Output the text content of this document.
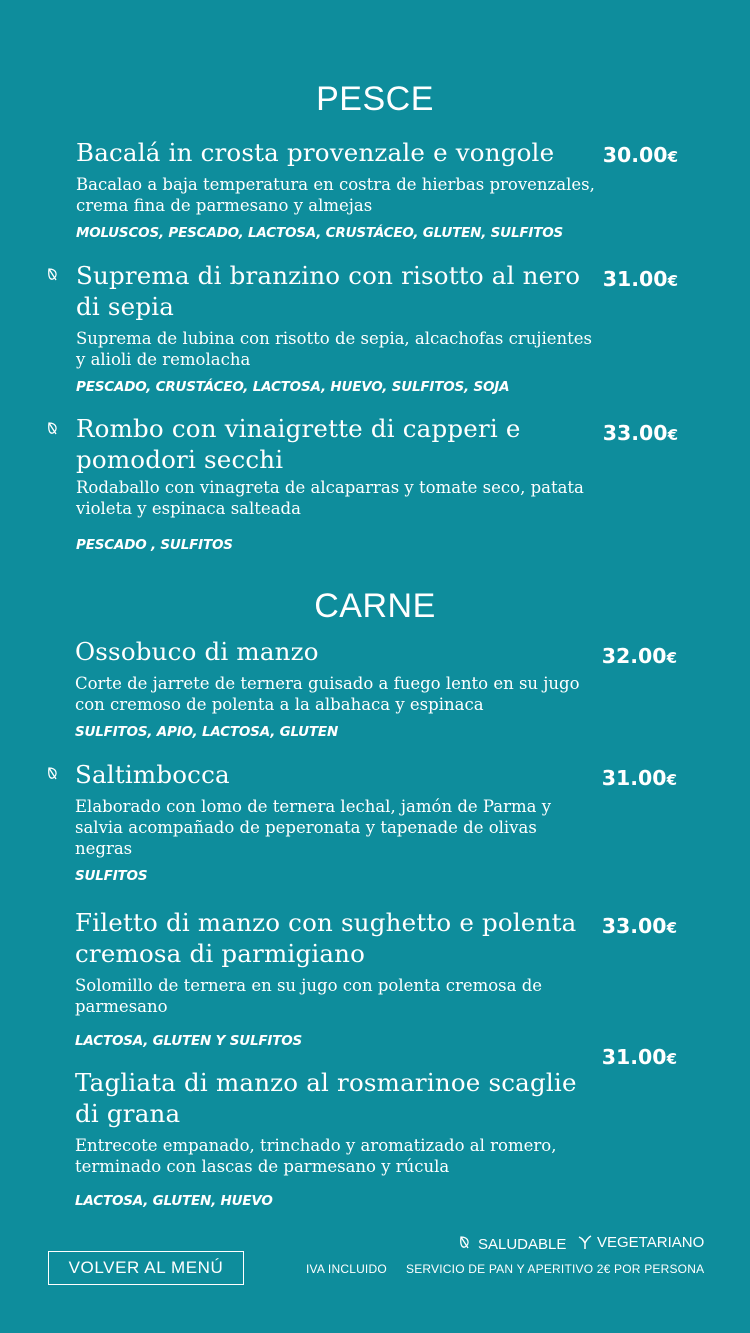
PESCE
Bacalá in crosta provenzale e vongole
Bacalao a baja temperatura en costra de hierbas provenzales, crema fina de parmesano y almejas
MOLUSCOS, PESCADO, LACTOSA, CRUSTÁCEO, GLUTEN, SULFITOS
30.00€
Suprema di branzino con risotto al nero di sepia
Suprema de lubina con risotto de sepia, alcachofas crujientes y alioli de remolacha
PESCADO, CRUSTÁCEO, LACTOSA, HUEVO, SULFITOS, SOJA
31.00€
Rombo con vinaigrette di capperi e pomodori secchi
Rodaballo con vinagreta de alcaparras y tomate seco, patata violeta y espinaca salteada
PESCADO , SULFITOS
33.00€
CARNE
Ossobuco di manzo
Corte de jarrete de ternera guisado a fuego lento en su jugo con cremoso de polenta a la albahaca y espinaca
SULFITOS, APIO, LACTOSA, GLUTEN
32.00€
Saltimbocca
Elaborado con lomo de ternera lechal, jamón de Parma y salvia acompañado de peperonata y tapenade de olivas negras
SULFITOS
31.00€
Filetto di manzo con sughetto e polenta cremosa di parmigiano
Solomillo de ternera en su jugo con polenta cremosa de parmesano
LACTOSA, GLUTEN Y SULFITOS
33.00€
31.00€
Tagliata di manzo al rosmarinoe scaglie di grana
Entrecote empanado, trinchado y aromatizado al romero, terminado con lascas de parmesano y rúcula
LACTOSA, GLUTEN, HUEVO
SALUDABLE VEGETARIANO
IVA INCLUIDO SERVICIO DE PAN Y APERITIVO 2€ POR PERSONA
VOLVER AL MENÚ
